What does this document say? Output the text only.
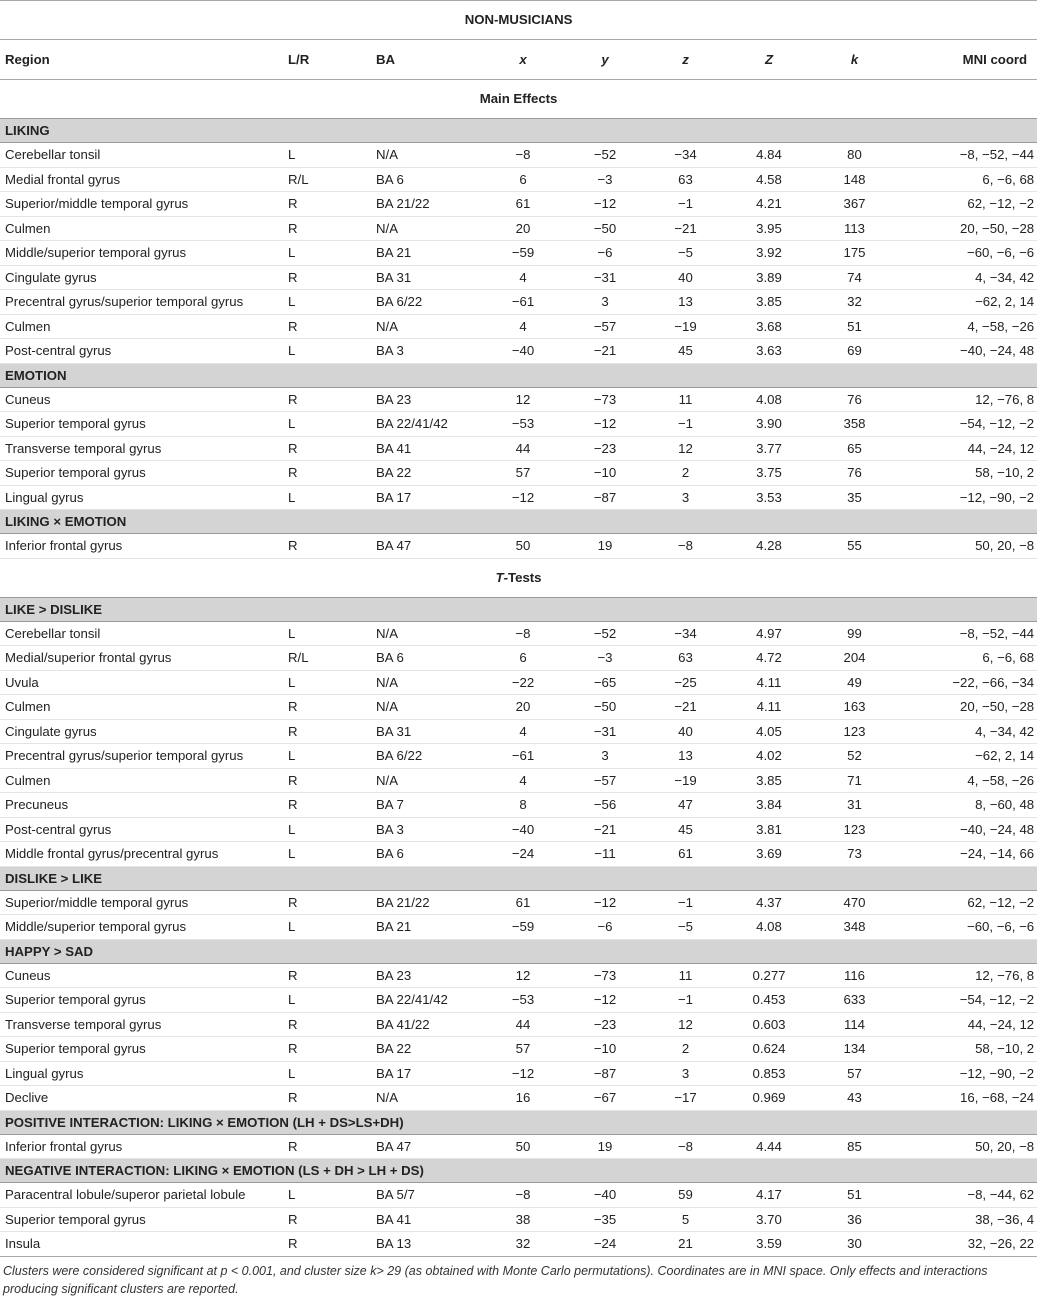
NON-MUSICIANS								
Region	L/R	BA	x	y	z	Z	k	MNI coord
Main Effects								
LIKING								
Cerebellar tonsil	L	N/A	−8	−52	−34	4.84	80	−8, −52, −44
Medial frontal gyrus	R/L	BA 6	6	−3	63	4.58	148	6, −6, 68
Superior/middle temporal gyrus	R	BA 21/22	61	−12	−1	4.21	367	62, −12, −2
Culmen	R	N/A	20	−50	−21	3.95	113	20, −50, −28
Middle/superior temporal gyrus	L	BA 21	−59	−6	−5	3.92	175	−60, −6, −6
Cingulate gyrus	R	BA 31	4	−31	40	3.89	74	4, −34, 42
Precentral gyrus/superior temporal gyrus	L	BA 6/22	−61	3	13	3.85	32	−62, 2, 14
Culmen	R	N/A	4	−57	−19	3.68	51	4, −58, −26
Post-central gyrus	L	BA 3	−40	−21	45	3.63	69	−40, −24, 48
EMOTION								
Cuneus	R	BA 23	12	−73	11	4.08	76	12, −76, 8
Superior temporal gyrus	L	BA 22/41/42	−53	−12	−1	3.90	358	−54, −12, −2
Transverse temporal gyrus	R	BA 41	44	−23	12	3.77	65	44, −24, 12
Superior temporal gyrus	R	BA 22	57	−10	2	3.75	76	58, −10, 2
Lingual gyrus	L	BA 17	−12	−87	3	3.53	35	−12, −90, −2
LIKING × EMOTION								
Inferior frontal gyrus	R	BA 47	50	19	−8	4.28	55	50, 20, −8
T-Tests								
LIKE > DISLIKE								
Cerebellar tonsil	L	N/A	−8	−52	−34	4.97	99	−8, −52, −44
Medial/superior frontal gyrus	R/L	BA 6	6	−3	63	4.72	204	6, −6, 68
Uvula	L	N/A	−22	−65	−25	4.11	49	−22, −66, −34
Culmen	R	N/A	20	−50	−21	4.11	163	20, −50, −28
Cingulate gyrus	R	BA 31	4	−31	40	4.05	123	4, −34, 42
Precentral gyrus/superior temporal gyrus	L	BA 6/22	−61	3	13	4.02	52	−62, 2, 14
Culmen	R	N/A	4	−57	−19	3.85	71	4, −58, −26
Precuneus	R	BA 7	8	−56	47	3.84	31	8, −60, 48
Post-central gyrus	L	BA 3	−40	−21	45	3.81	123	−40, −24, 48
Middle frontal gyrus/precentral gyrus	L	BA 6	−24	−11	61	3.69	73	−24, −14, 66
DISLIKE > LIKE								
Superior/middle temporal gyrus	R	BA 21/22	61	−12	−1	4.37	470	62, −12, −2
Middle/superior temporal gyrus	L	BA 21	−59	−6	−5	4.08	348	−60, −6, −6
HAPPY > SAD								
Cuneus	R	BA 23	12	−73	11	0.277	116	12, −76, 8
Superior temporal gyrus	L	BA 22/41/42	−53	−12	−1	0.453	633	−54, −12, −2
Transverse temporal gyrus	R	BA 41/22	44	−23	12	0.603	114	44, −24, 12
Superior temporal gyrus	R	BA 22	57	−10	2	0.624	134	58, −10, 2
Lingual gyrus	L	BA 17	−12	−87	3	0.853	57	−12, −90, −2
Declive	R	N/A	16	−67	−17	0.969	43	16, −68, −24
POSITIVE INTERACTION: LIKING × EMOTION (LH + DS>LS+DH)								
Inferior frontal gyrus	R	BA 47	50	19	−8	4.44	85	50, 20, −8
NEGATIVE INTERACTION: LIKING × EMOTION (LS + DH > LH + DS)								
Paracentral lobule/superor parietal lobule	L	BA 5/7	−8	−40	59	4.17	51	−8, −44, 62
Superior temporal gyrus	R	BA 41	38	−35	5	3.70	36	38, −36, 4
Insula	R	BA 13	32	−24	21	3.59	30	32, −26, 22
Clusters were considered significant at p < 0.001, and cluster size k> 29 (as obtained with Monte Carlo permutations). Coordinates are in MNI space. Only effects and interactions producing significant clusters are reported.								
